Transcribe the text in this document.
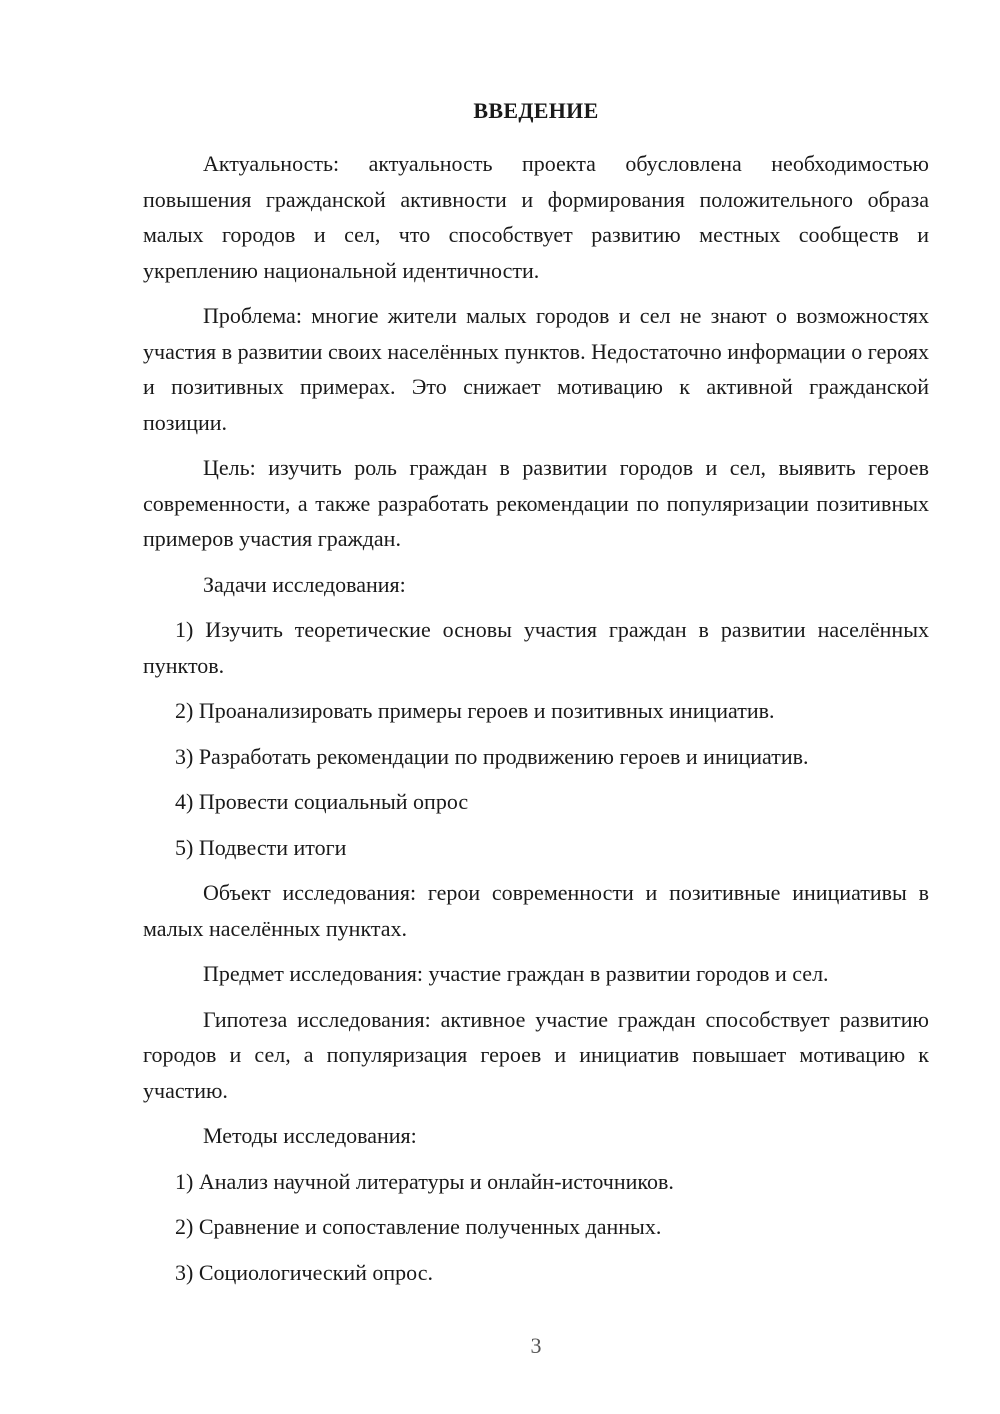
ВВЕДЕНИЕ
Актуальность: актуальность проекта обусловлена необходимостью повышения гражданской активности и формирования положительного образа малых городов и сел, что способствует развитию местных сообществ и укреплению национальной идентичности.
Проблема: многие жители малых городов и сел не знают о возможностях участия в развитии своих населённых пунктов. Недостаточно информации о героях и позитивных примерах. Это снижает мотивацию к активной гражданской позиции.
Цель: изучить роль граждан в развитии городов и сел, выявить героев современности, а также разработать рекомендации по популяризации позитивных примеров участия граждан.
Задачи исследования:
1) Изучить теоретические основы участия граждан в развитии населённых пунктов.
2) Проанализировать примеры героев и позитивных инициатив.
3) Разработать рекомендации по продвижению героев и инициатив.
4) Провести социальный опрос
5) Подвести итоги
Объект исследования: герои современности и позитивные инициативы в малых населённых пунктах.
Предмет исследования: участие граждан в развитии городов и сел.
Гипотеза исследования: активное участие граждан способствует развитию городов и сел, а популяризация героев и инициатив повышает мотивацию к участию.
Методы исследования:
1) Анализ научной литературы и онлайн-источников.
2) Сравнение и сопоставление полученных данных.
3) Социологический опрос.
3
